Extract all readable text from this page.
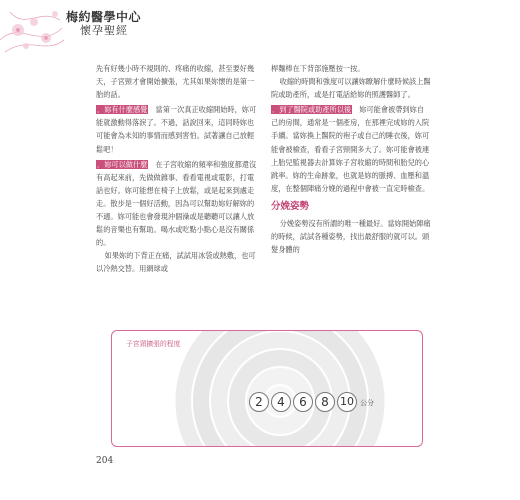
梅約醫學中心
懷孕聖經

先有好幾小時不規則的、疼痛的收縮，甚至要好幾天，子宮頸才會開始擴張，尤其如果妳懷的是第一胎的話。

．妳有什麼感覺　 當第一次真正收縮開始時，妳可能就激動得落淚了。不過，話說回來，這同時妳也可能會為未知的事情而感到害怕。試著讓自己放輕鬆吧！

．妳可以做什麼　 在子宮收縮的頻率和強度都還沒有高起來前，先做做雜事、看看電視或電影，打電話也好。妳可能想在椅子上放鬆，或是起來到處走走。散步是一個好活動，因為可以幫助妳好解妳的不適。妳可能也會發現沖個澡或是聽聽可以讓人放鬆的音樂也有幫助。喝水或吃點小點心是沒有關係的。

如果妳的下背正在痛，試試用冰袋或熱敷，也可以冷熱交替。用網球或

桿麵棒在下背部施壓按一按。

收縮的時間和強度可以讓妳瞭解什麼時候該上醫院或助產所，或是打電話給妳的照護醫師了。

．到了醫院或助產所以後　 妳可能會被帶到妳自己的房間，通常是一個產房，在那裡完成妳的入院手續。當妳換上醫院的袍子或自己的睡衣後，妳可能會被檢查，看看子宮頸開多大了。妳可能會被連上胎兒監視器去計算妳子宮收縮的時間和胎兒的心跳率。妳的生命跡象，也就是妳的脈搏、血壓和溫度，在整個陣痛分娩的過程中會被一直定時檢查。

分娩姿勢

分娩姿勢沒有所謂的唯一種最好。當妳開始陣痛的時候，試試各種姿勢，找出最舒服的就可以。頭髮身體的

子宮頸擴張的程度
2	4	6	8	10 公分
204
